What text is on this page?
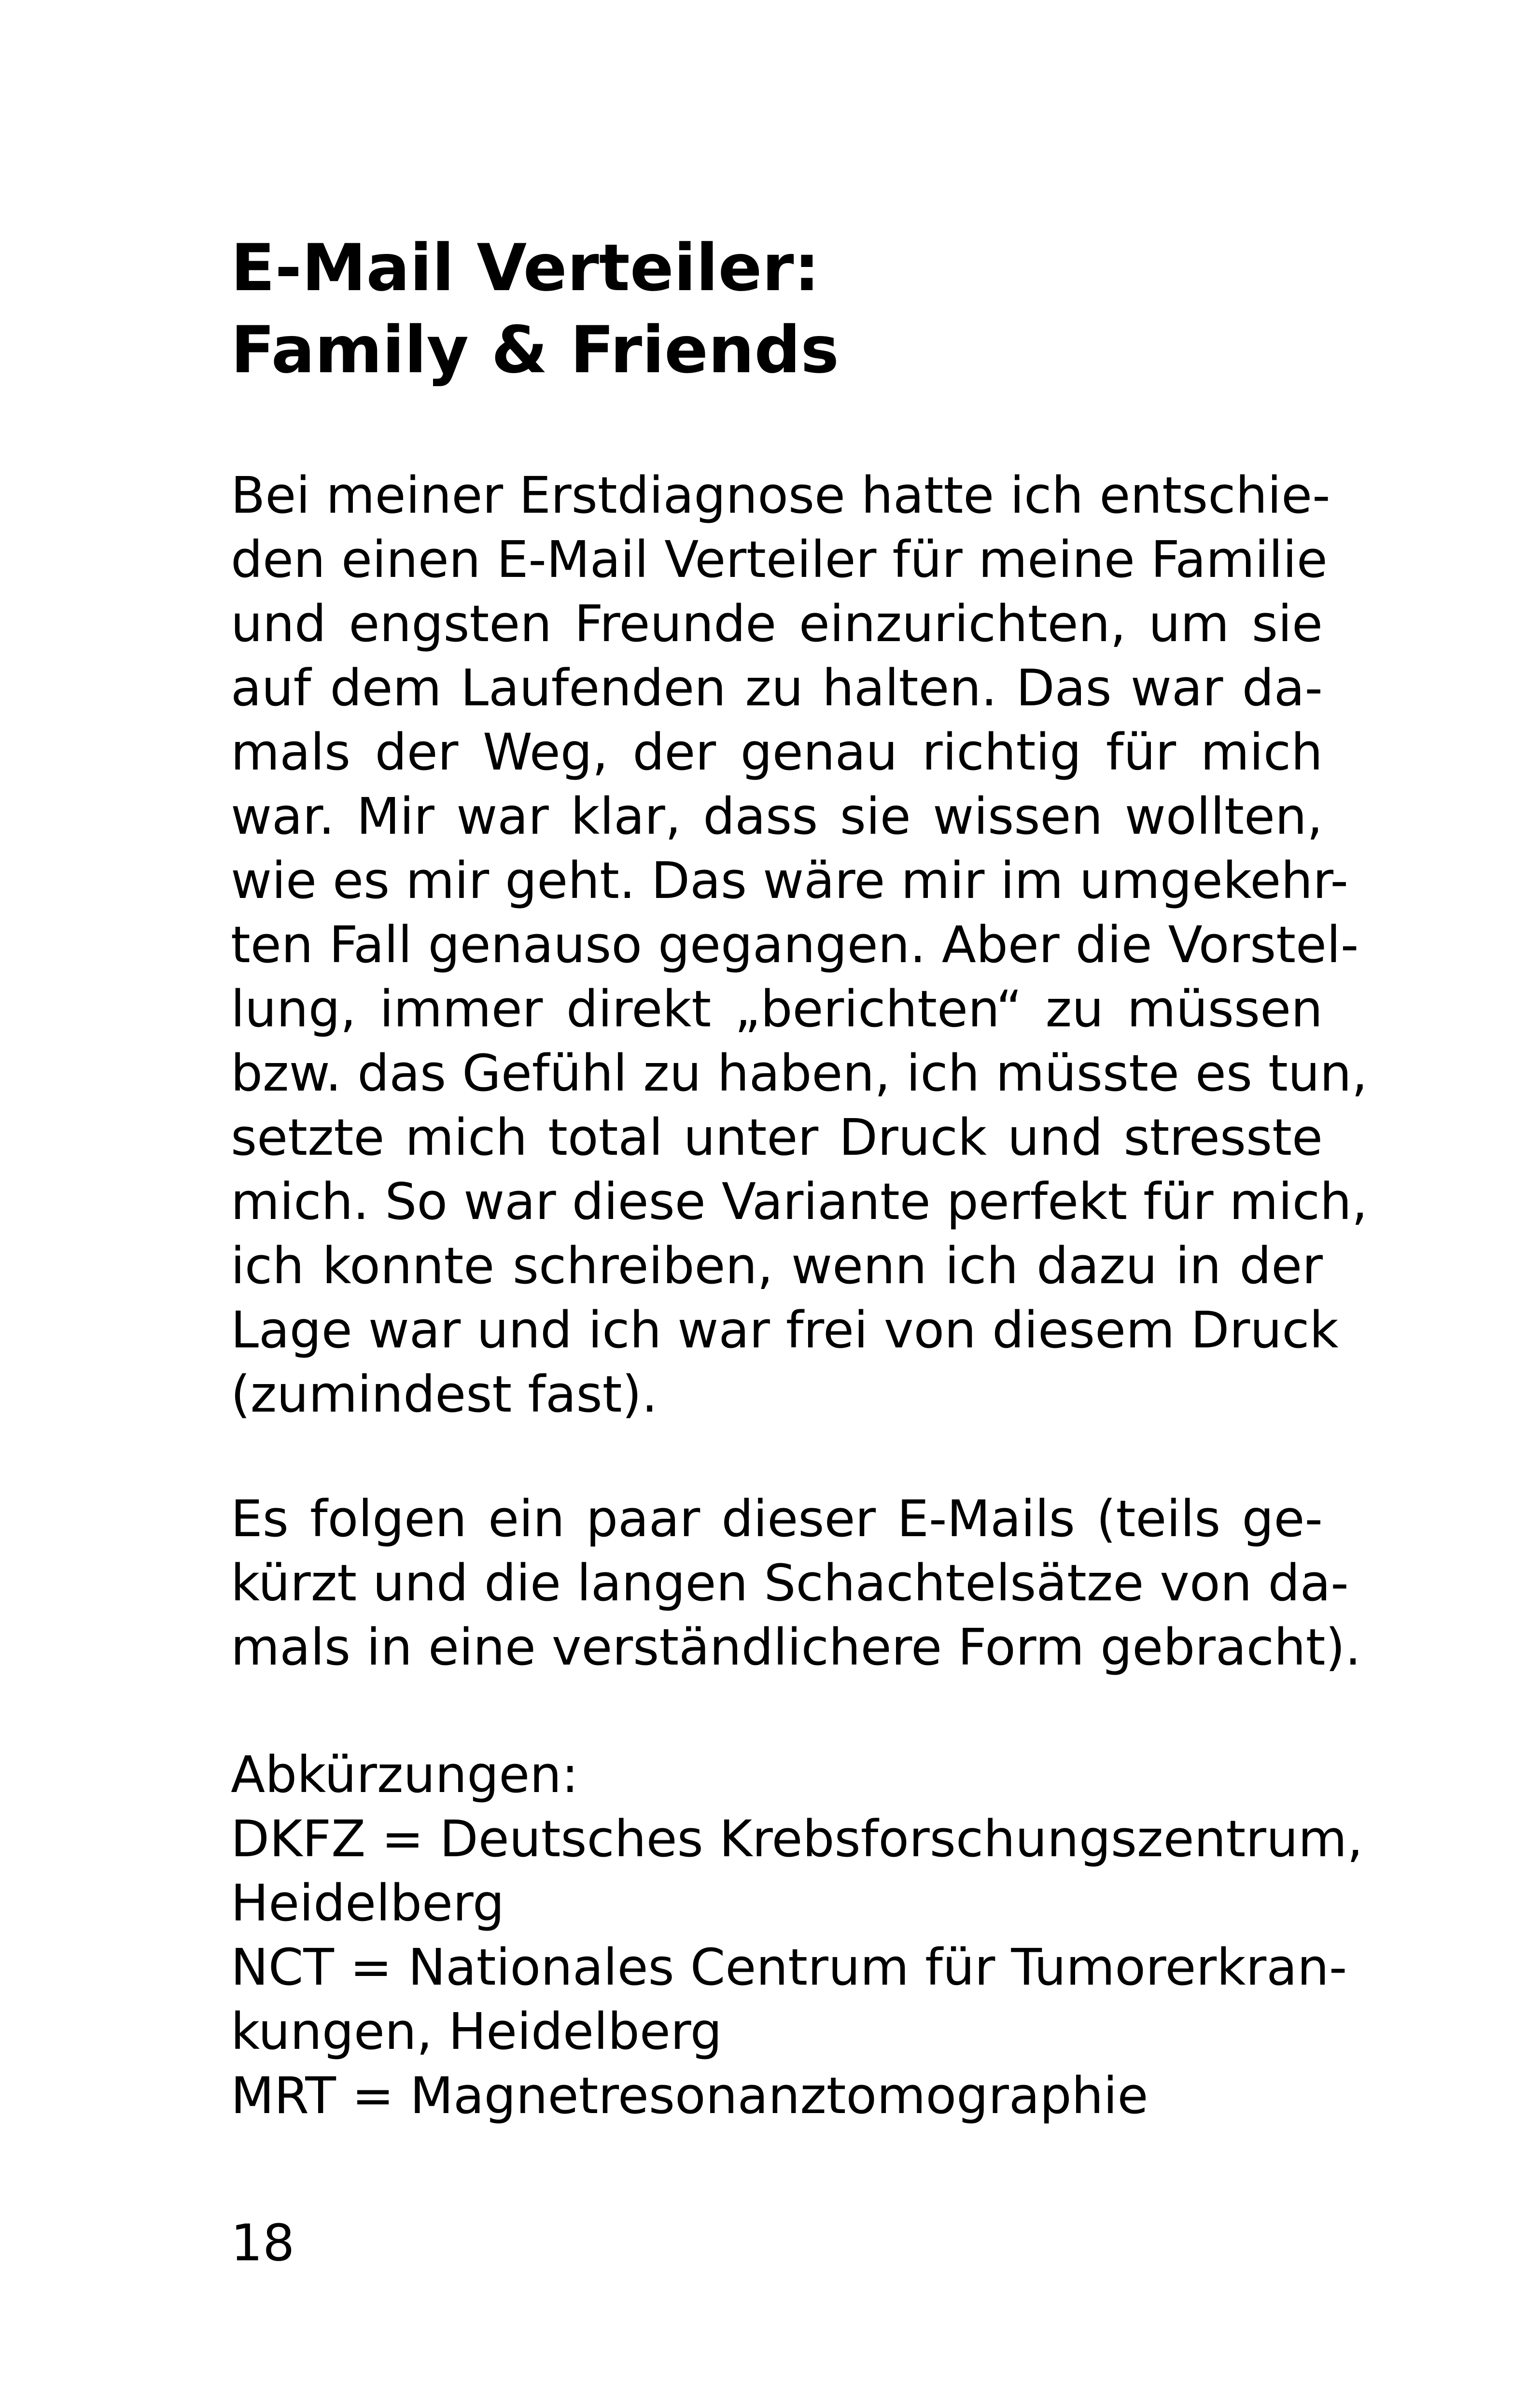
E-Mail Verteiler:
Family & Friends

Bei meiner Erstdiagnose hatte ich entschie-
den einen E-Mail Verteiler für meine Familie
und engsten Freunde einzurichten, um sie
auf dem Laufenden zu halten. Das war da-
mals der Weg, der genau richtig für mich
war. Mir war klar, dass sie wissen wollten,
wie es mir geht. Das wäre mir im umgekehr-
ten Fall genauso gegangen. Aber die Vorstel-
lung, immer direkt „berichten“ zu müssen
bzw. das Gefühl zu haben, ich müsste es tun,
setzte mich total unter Druck und stresste
mich. So war diese Variante perfekt für mich,
ich konnte schreiben, wenn ich dazu in der
Lage war und ich war frei von diesem Druck
(zumindest fast).

Es folgen ein paar dieser E-Mails (teils ge-
kürzt und die langen Schachtelsätze von da-
mals in eine verständlichere Form gebracht).

Abkürzungen:
DKFZ = Deutsches Krebsforschungszentrum,
Heidelberg
NCT = Nationales Centrum für Tumorerkran-
kungen, Heidelberg
MRT = Magnetresonanztomographie

18
